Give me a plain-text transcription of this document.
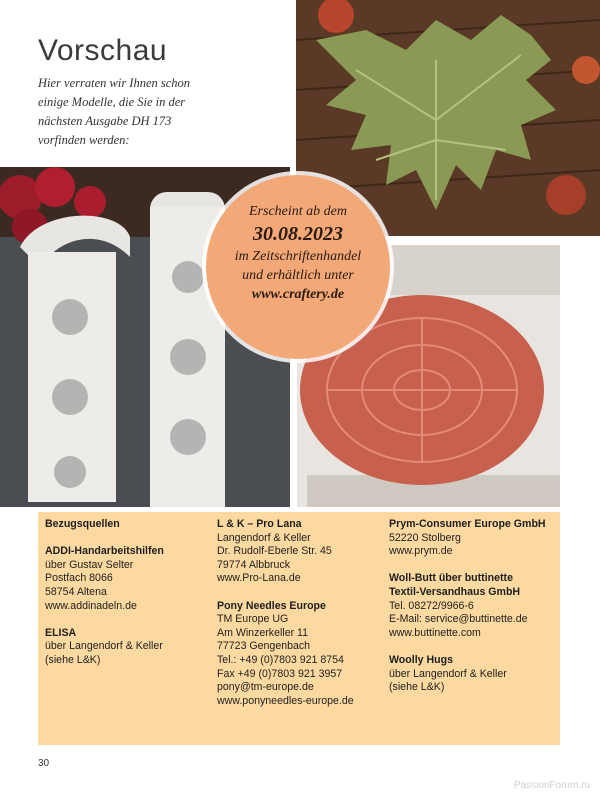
Vorschau
Hier verraten wir Ihnen schon
einige Modelle, die Sie in der
nächsten Ausgabe DH 173
vorfinden werden:
Erscheint ab dem
30.08.2023
im Zeitschriftenhandel
und erhältlich unter
www.craftery.de
Bezugsquellen
ADDI-Handarbeitshilfen
über Gustav Selter
Postfach 8066
58754 Altena
www.addinadeln.de
ELISA
über Langendorf & Keller
(siehe L&K)
L & K – Pro Lana
Langendorf & Keller
Dr. Rudolf-Eberle Str. 45
79774 Albbruck
www.Pro-Lana.de
Pony Needles Europe
TM Europe UG
Am Winzerkeller 11
77723 Gengenbach
Tel.: +49 (0)7803 921 8754
Fax +49 (0)7803 921 3957
pony@tm-europe.de
www.ponyneedles-europe.de
Prym-Consumer Europe GmbH
52220 Stolberg
www.prym.de
Woll-Butt über buttinette
Textil-Versandhaus GmbH
Tel. 08272/9966-6
E-Mail: service@buttinette.de
www.buttinette.com
Woolly Hugs
über Langendorf & Keller
(siehe L&K)
30
PassionForum.ru
